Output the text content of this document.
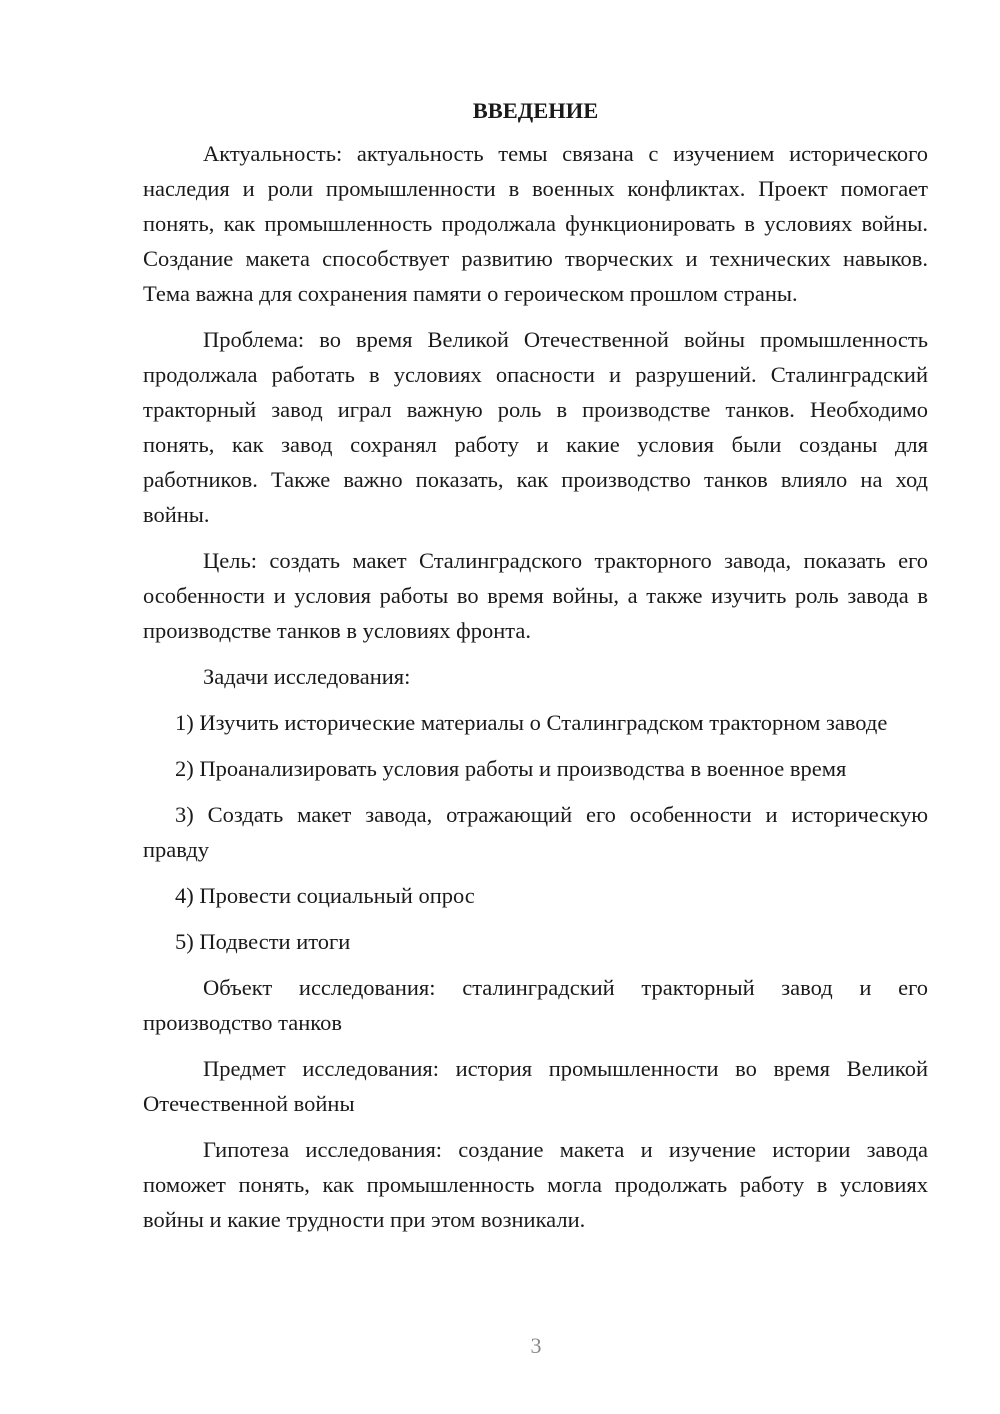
ВВЕДЕНИЕ

Актуальность: актуальность темы связана с изучением исторического наследия и роли промышленности в военных конфликтах. Проект помогает понять, как промышленность продолжала функционировать в условиях войны. Создание макета способствует развитию творческих и технических навыков. Тема важна для сохранения памяти о героическом прошлом страны.

Проблема: во время Великой Отечественной войны промышленность продолжала работать в условиях опасности и разрушений. Сталинградский тракторный завод играл важную роль в производстве танков. Необходимо понять, как завод сохранял работу и какие условия были созданы для работников. Также важно показать, как производство танков влияло на ход войны.

Цель: создать макет Сталинградского тракторного завода, показать его особенности и условия работы во время войны, а также изучить роль завода в производстве танков в условиях фронта.

Задачи исследования:

1) Изучить исторические материалы о Сталинградском тракторном заводе

2) Проанализировать условия работы и производства в военное время

3) Создать макет завода, отражающий его особенности и историческую правду

4) Провести социальный опрос

5) Подвести итоги

Объект исследования: сталинградский тракторный завод и его производство танков

Предмет исследования: история промышленности во время Великой Отечественной войны

Гипотеза исследования: создание макета и изучение истории завода поможет понять, как промышленность могла продолжать работу в условиях войны и какие трудности при этом возникали.

3
